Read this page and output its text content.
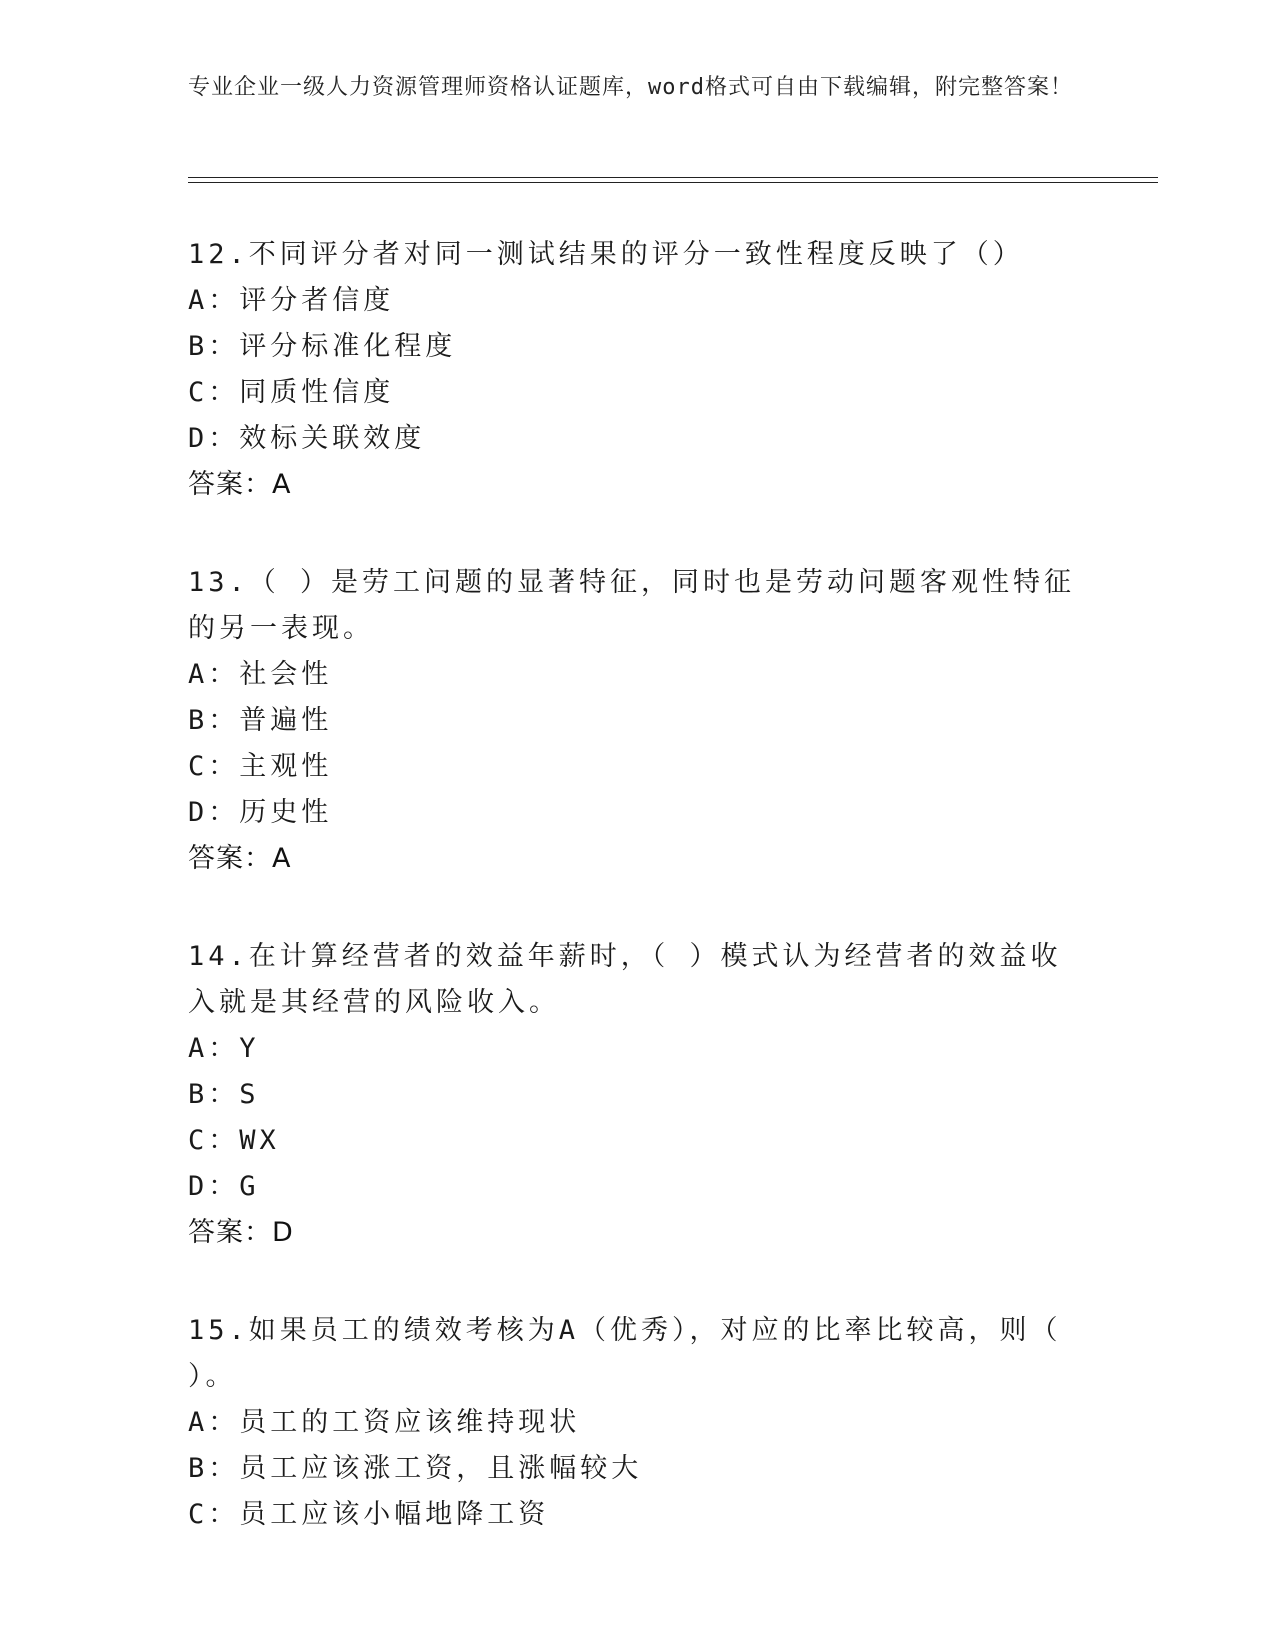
专业企业一级人力资源管理师资格认证题库，word格式可自由下载编辑，附完整答案！

12.不同评分者对同一测试结果的评分一致性程度反映了（）

A：评分者信度

B：评分标准化程度

C：同质性信度

D：效标关联效度

答案：A

13.（ ）是劳工问题的显著特征，同时也是劳动问题客观性特征的另一表现。

A：社会性

B：普遍性

C：主观性

D：历史性

答案：A

14.在计算经营者的效益年薪时，（ ）模式认为经营者的效益收入就是其经营的风险收入。

A：Y

B：S

C：WX

D：G

答案：D

15.如果员工的绩效考核为A（优秀），对应的比率比较高，则（ ）。

A：员工的工资应该维持现状

B：员工应该涨工资，且涨幅较大

C：员工应该小幅地降工资
